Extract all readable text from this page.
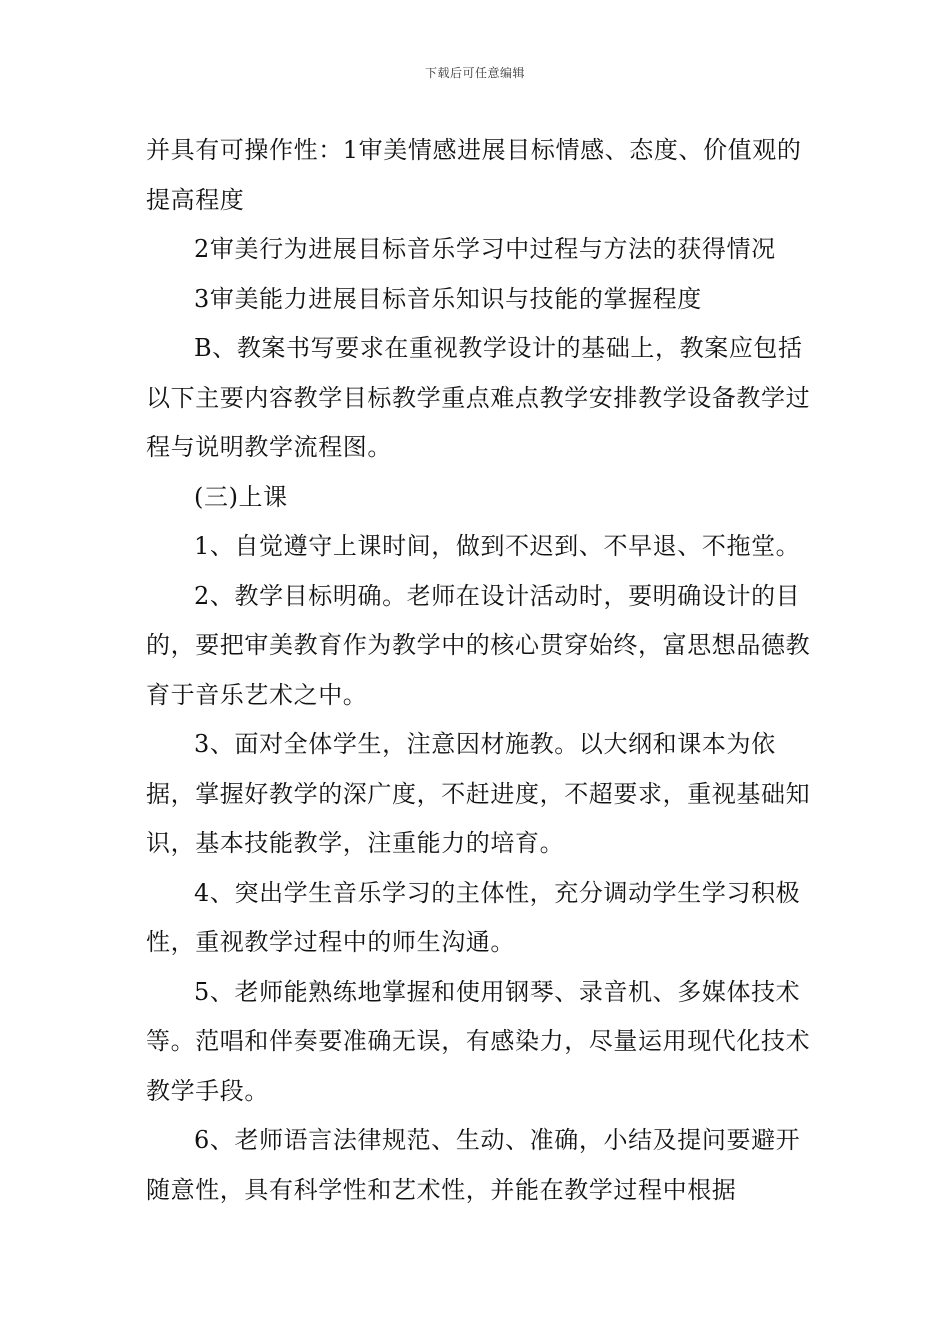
下载后可任意编辑

并具有可操作性：1审美情感进展目标情感、态度、价值观的提高程度

2审美行为进展目标音乐学习中过程与方法的获得情况

3审美能力进展目标音乐知识与技能的掌握程度

B、教案书写要求在重视教学设计的基础上，教案应包括以下主要内容教学目标教学重点难点教学安排教学设备教学过程与说明教学流程图。

(三)上课

1、自觉遵守上课时间，做到不迟到、不早退、不拖堂。

2、教学目标明确。老师在设计活动时，要明确设计的目的，要把审美教育作为教学中的核心贯穿始终，富思想品德教育于音乐艺术之中。

3、面对全体学生，注意因材施教。以大纲和课本为依据，掌握好教学的深广度，不赶进度，不超要求，重视基础知识，基本技能教学，注重能力的培育。

4、突出学生音乐学习的主体性，充分调动学生学习积极性，重视教学过程中的师生沟通。

5、老师能熟练地掌握和使用钢琴、录音机、多媒体技术等。范唱和伴奏要准确无误，有感染力，尽量运用现代化技术教学手段。

6、老师语言法律规范、生动、准确，小结及提问要避开随意性，具有科学性和艺术性，并能在教学过程中根据
